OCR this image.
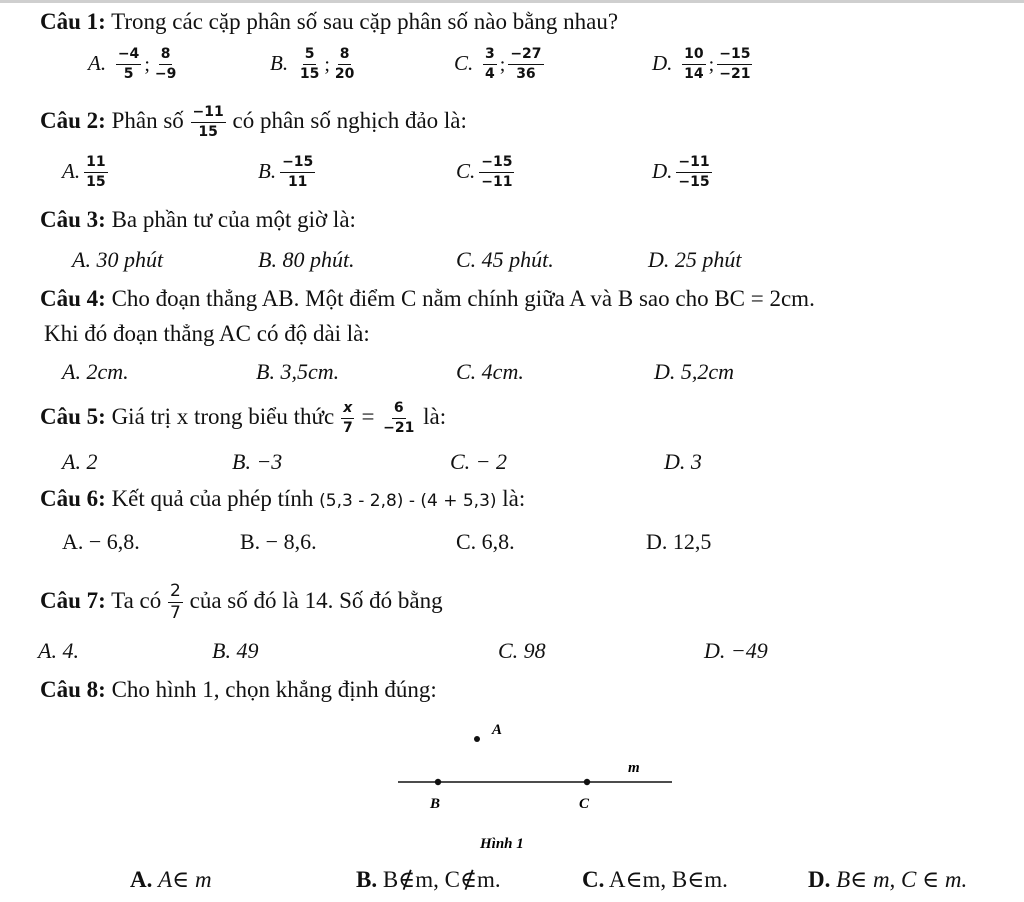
Câu 1: Trong các cặp phân số sau cặp phân số nào bằng nhau?
A. $\frac{-4}{5}$ ; $\frac{8}{-9}$	B. $\frac{5}{15}$ ; $\frac{8}{20}$	C. $\frac{3}{4}$ ; $\frac{-27}{36}$	D. $\frac{10}{14}$ ; $\frac{-15}{-21}$
Câu 2: Phân số $\frac{-11}{15}$ có phân số nghịch đảo là:
A. $\frac{11}{15}$	B. $\frac{-15}{11}$	C. $\frac{-15}{-11}$	D. $\frac{-11}{-15}$
Câu 3: Ba phần tư của một giờ là:
A. 30 phút	B. 80 phút.	C. 45 phút.	D. 25 phút
Câu 4: Cho đoạn thẳng AB. Một điểm C nằm chính giữa A và B sao cho BC = 2cm.
Khi đó đoạn thẳng AC có độ dài là:
A. 2cm.	B. 3,5cm.	C. 4cm.	D. 5,2cm
Câu 5: Giá trị x trong biểu thức $\frac{x}{7} = \frac{6}{-21}$ là:
A. 2	B. −3	C. − 2	D. 3
Câu 6: Kết quả của phép tính (5,3 - 2,8) - (4 + 5,3) là:
A. − 6,8.	B. − 8,6.	C. 6,8.	D. 12,5
Câu 7: Ta có $\frac{2}{7}$ của số đó là 14. Số đó bằng
A. 4.	B. 49	C. 98	D. −49
Câu 8: Cho hình 1, chọn khẳng định đúng:
A
m
B	C
Hình 1
A. A∈ m	B. B∉m, C∉m.	C. A∈m, B∈m.	D. B∈ m, C ∈ m.
